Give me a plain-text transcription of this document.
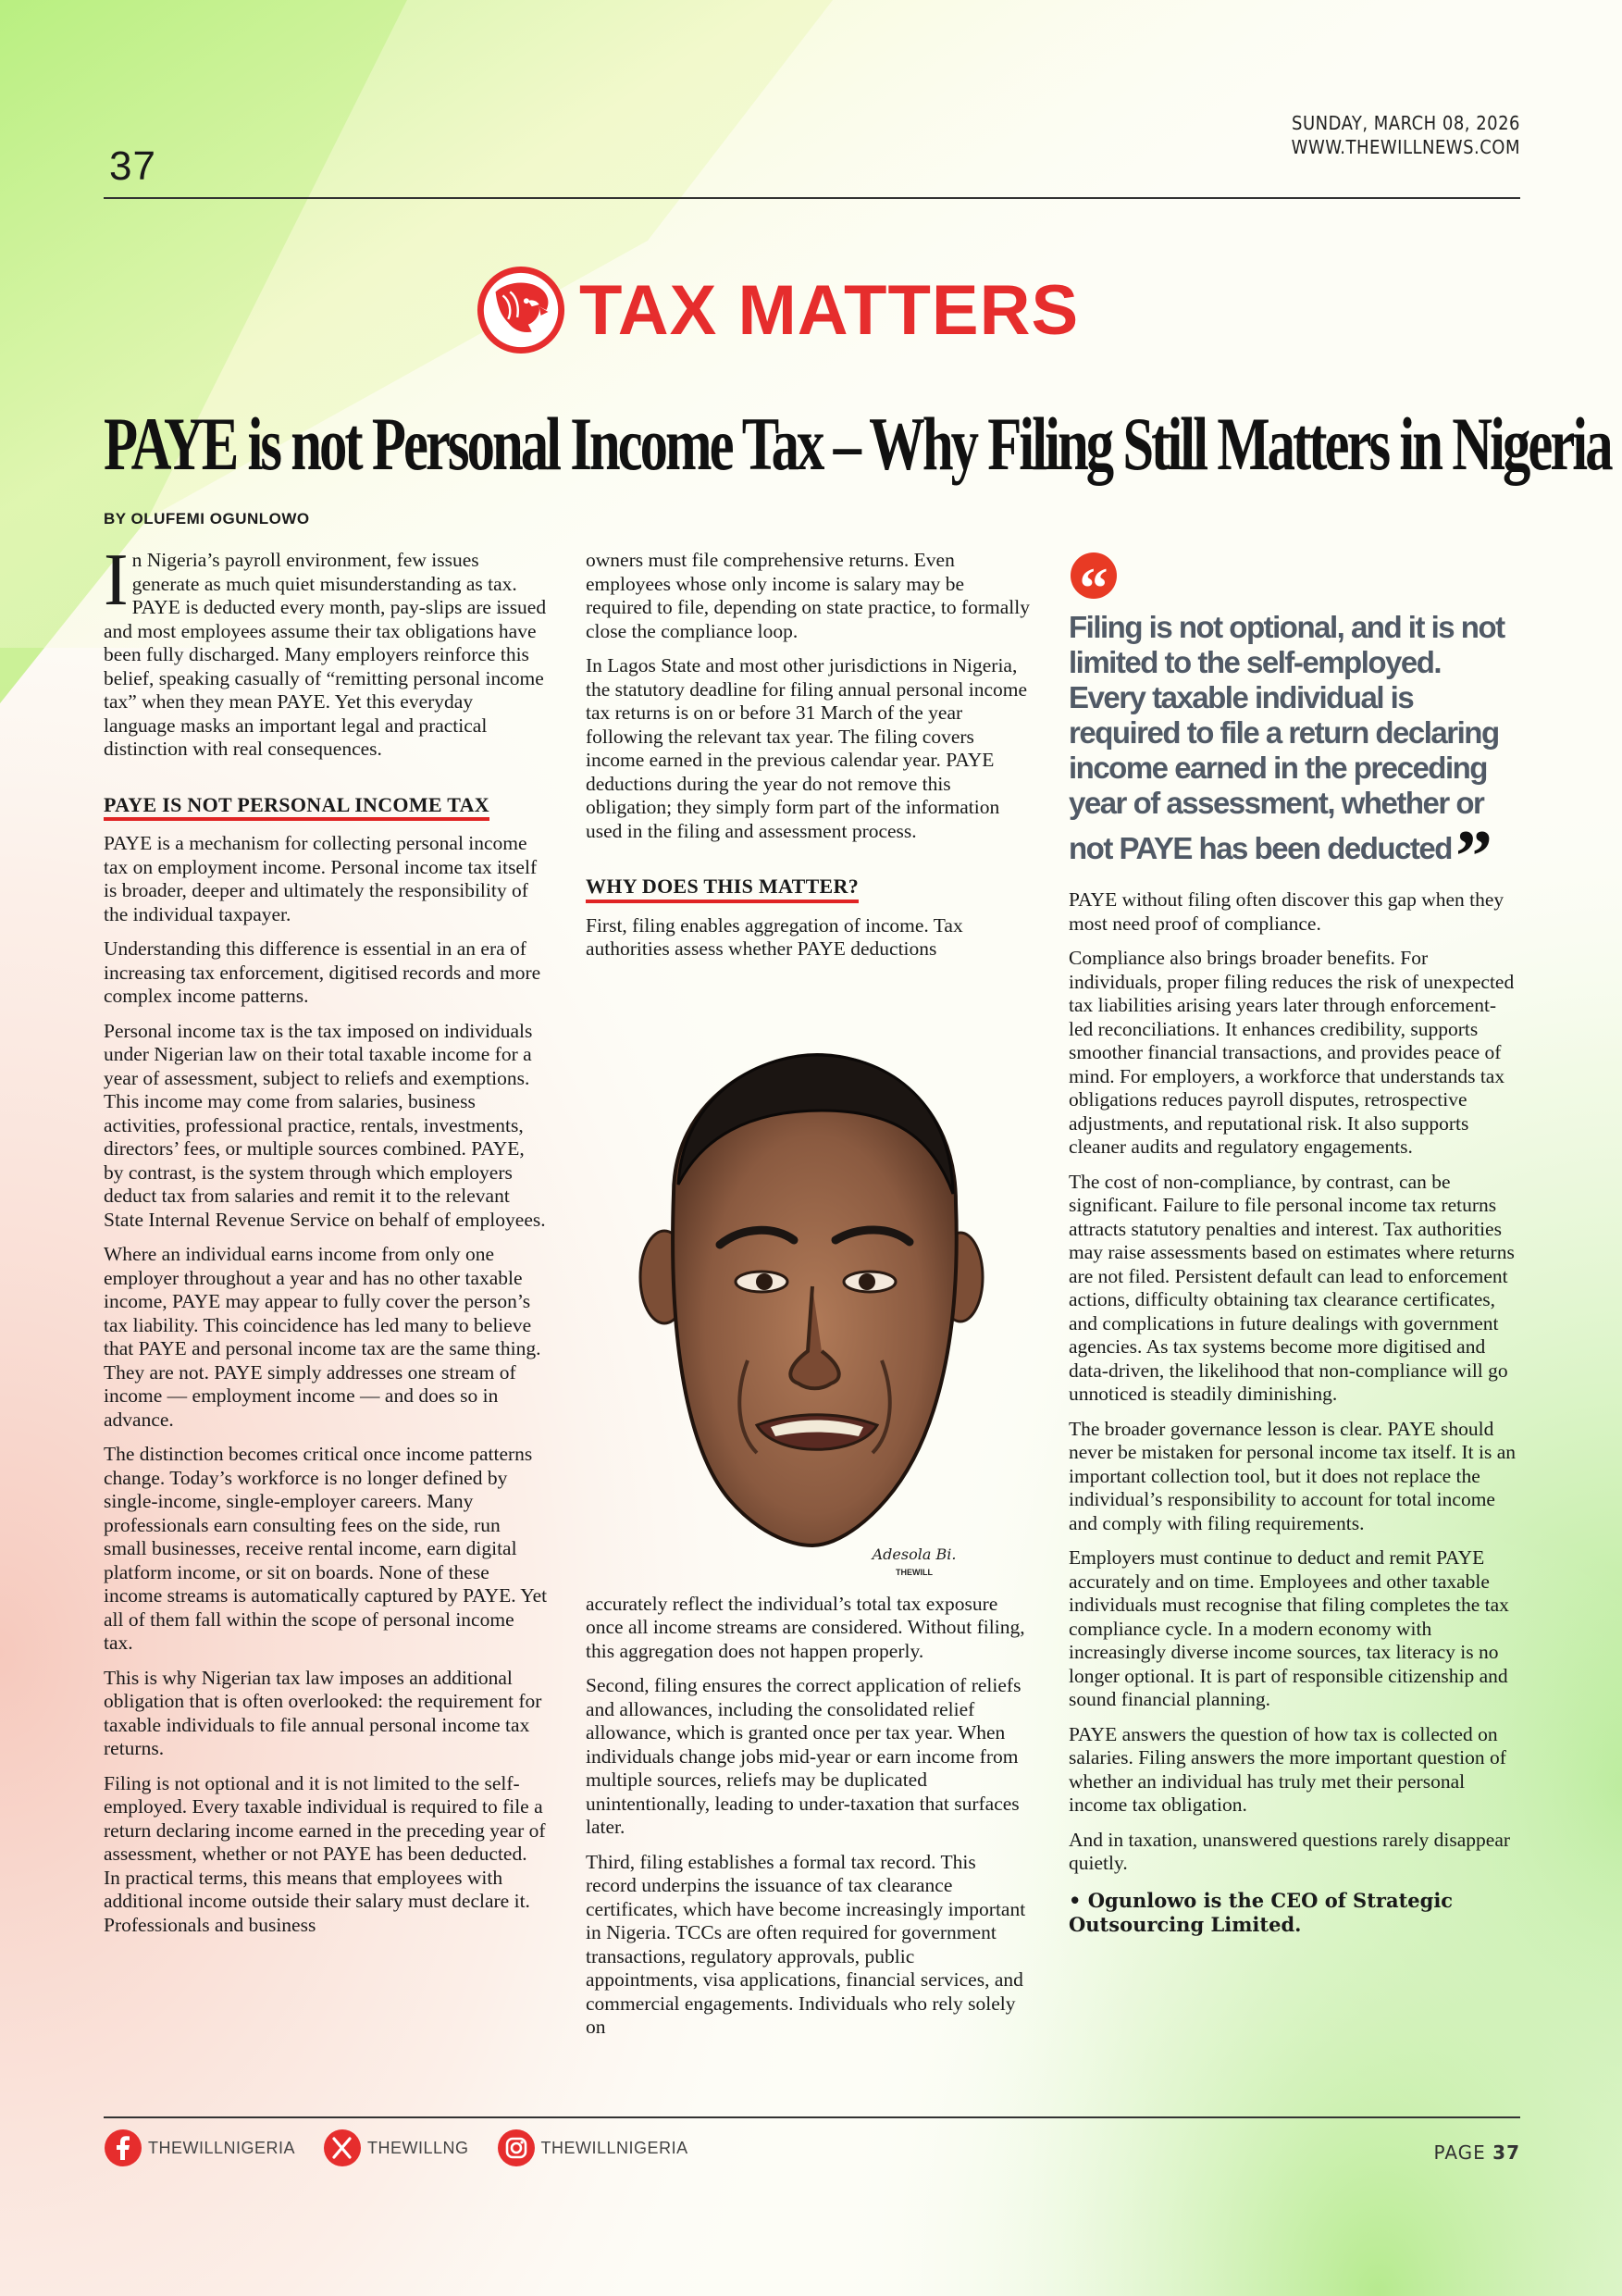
37
SUNDAY, MARCH 08, 2026
WWW.THEWILLNEWS.COM
TAX MATTERS
PAYE is not Personal Income Tax – Why Filing Still Matters in Nigeria
BY OLUFEMI OGUNLOWO

In Nigeria’s payroll environment, few issues generate as much quiet misunderstanding as tax. PAYE is deducted every month, pay-slips are issued and most employees assume their tax obligations have been fully discharged. Many employers reinforce this belief, speaking casually of “remitting personal income tax” when they mean PAYE. Yet this everyday language masks an important legal and practical distinction with real consequences.

PAYE IS NOT PERSONAL INCOME TAX

PAYE is a mechanism for collecting personal income tax on employment income. Personal income tax itself is broader, deeper and ultimately the responsibility of the individual taxpayer.

Understanding this difference is essential in an era of increasing tax enforcement, digitised records and more complex income patterns.

Personal income tax is the tax imposed on individuals under Nigerian law on their total taxable income for a year of assessment, subject to reliefs and exemptions. This income may come from salaries, business activities, professional practice, rentals, investments, directors’ fees, or multiple sources combined. PAYE, by contrast, is the system through which employers deduct tax from salaries and remit it to the relevant State Internal Revenue Service on behalf of employees.

Where an individual earns income from only one employer throughout a year and has no other taxable income, PAYE may appear to fully cover the person’s tax liability. This coincidence has led many to believe that PAYE and personal income tax are the same thing. They are not. PAYE simply addresses one stream of income — employment income — and does so in advance.

The distinction becomes critical once income patterns change. Today’s workforce is no longer defined by single-income, single-employer careers. Many professionals earn consulting fees on the side, run small businesses, receive rental income, earn digital platform income, or sit on boards. None of these income streams is automatically captured by PAYE. Yet all of them fall within the scope of personal income tax.

This is why Nigerian tax law imposes an additional obligation that is often overlooked: the requirement for taxable individuals to file annual personal income tax returns.

Filing is not optional and it is not limited to the self-employed. Every taxable individual is required to file a return declaring income earned in the preceding year of assessment, whether or not PAYE has been deducted. In practical terms, this means that employees with additional income outside their salary must declare it. Professionals and business

owners must file comprehensive returns. Even employees whose only income is salary may be required to file, depending on state practice, to formally close the compliance loop.

In Lagos State and most other jurisdictions in Nigeria, the statutory deadline for filing annual personal income tax returns is on or before 31 March of the year following the relevant tax year. The filing covers income earned in the previous calendar year. PAYE deductions during the year do not remove this obligation; they simply form part of the information used in the filing and assessment process.

WHY DOES THIS MATTER?

First, filing enables aggregation of income. Tax authorities assess whether PAYE deductions

accurately reflect the individual’s total tax exposure once all income streams are considered. Without filing, this aggregation does not happen properly.

Second, filing ensures the correct application of reliefs and allowances, including the consolidated relief allowance, which is granted once per tax year. When individuals change jobs mid-year or earn income from multiple sources, reliefs may be duplicated unintentionally, leading to under-taxation that surfaces later.

Third, filing establishes a formal tax record. This record underpins the issuance of tax clearance certificates, which have become increasingly important in Nigeria. TCCs are often required for government transactions, regulatory approvals, public appointments, visa applications, financial services, and commercial engagements. Individuals who rely solely on

Adesola Bi.
THEWILL
“
Filing is not optional, and it is not limited to the self-employed. Every taxable individual is required to file a return declaring income earned in the preceding year of assessment, whether or not PAYE has been deducted”

PAYE without filing often discover this gap when they most need proof of compliance.

Compliance also brings broader benefits. For individuals, proper filing reduces the risk of unexpected tax liabilities arising years later through enforcement-led reconciliations. It enhances credibility, supports smoother financial transactions, and provides peace of mind. For employers, a workforce that understands tax obligations reduces payroll disputes, retrospective adjustments, and reputational risk. It also supports cleaner audits and regulatory engagements.

The cost of non-compliance, by contrast, can be significant. Failure to file personal income tax returns attracts statutory penalties and interest. Tax authorities may raise assessments based on estimates where returns are not filed. Persistent default can lead to enforcement actions, difficulty obtaining tax clearance certificates, and complications in future dealings with government agencies. As tax systems become more digitised and data-driven, the likelihood that non-compliance will go unnoticed is steadily diminishing.

The broader governance lesson is clear. PAYE should never be mistaken for personal income tax itself. It is an important collection tool, but it does not replace the individual’s responsibility to account for total income and comply with filing requirements.

Employers must continue to deduct and remit PAYE accurately and on time. Employees and other taxable individuals must recognise that filing completes the tax compliance cycle. In a modern economy with increasingly diverse income sources, tax literacy is no longer optional. It is part of responsible citizenship and sound financial planning.

PAYE answers the question of how tax is collected on salaries. Filing answers the more important question of whether an individual has truly met their personal income tax obligation.

And in taxation, unanswered questions rarely disappear quietly.

• Ogunlowo is the CEO of Strategic Outsourcing Limited.
THEWILLNIGERIA	THEWILLNG	THEWILLNIGERIA	PAGE 37
